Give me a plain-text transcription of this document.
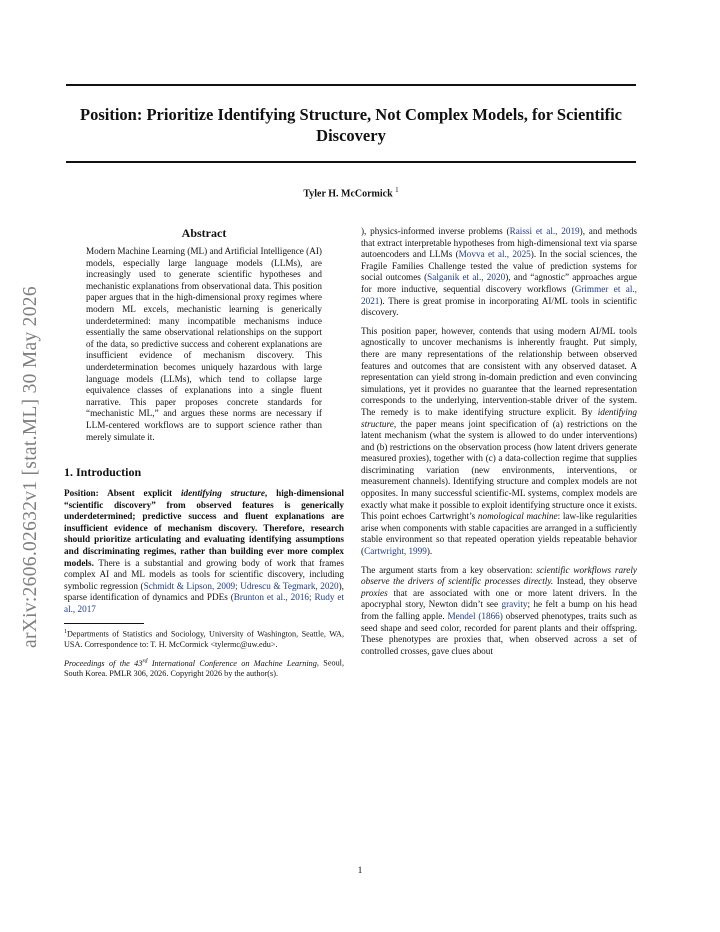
Position: Prioritize Identifying Structure, Not Complex Models, for Scientific Discovery
Tyler H. McCormick $^1$
arXiv:2606.02632v1 [stat.ML] 30 May 2026
Abstract
Modern Machine Learning (ML) and Artificial Intelligence (AI) models, especially large language models (LLMs), are increasingly used to generate scientific hypotheses and mechanistic explanations from observational data. This position paper argues that in the high-dimensional proxy regimes where modern ML excels, mechanistic learning is generically underdetermined: many incompatible mechanisms induce essentially the same observational relationships on the support of the data, so predictive success and coherent explanations are insufficient evidence of mechanism discovery. This underdetermination becomes uniquely hazardous with large language models (LLMs), which tend to collapse large equivalence classes of explanations into a single fluent narrative. This paper proposes concrete standards for “mechanistic ML,” and argues these norms are necessary if LLM-centered workflows are to support science rather than merely simulate it.
1. Introduction

Position: Absent explicit identifying structure, high-dimensional “scientific discovery” from observed features is generically underdetermined; predictive success and fluent explanations are insufficient evidence of mechanism discovery. Therefore, research should prioritize articulating and evaluating identifying assumptions and discriminating regimes, rather than building ever more complex models. There is a substantial and growing body of work that frames complex AI and ML models as tools for scientific discovery, including symbolic regression (Schmidt & Lipson, 2009; Udrescu & Tegmark, 2020), sparse identification of dynamics and PDEs (Brunton et al., 2016; Rudy et al., 2017

$^1$Departments of Statistics and Sociology, University of Washington, Seattle, WA, USA. Correspondence to: T. H. McCormick <tylermc@uw.edu>.

Proceedings of the 43rd International Conference on Machine Learning, Seoul, South Korea. PMLR 306, 2026. Copyright 2026 by the author(s).

), physics-informed inverse problems (Raissi et al., 2019), and methods that extract interpretable hypotheses from high-dimensional text via sparse autoencoders and LLMs (Movva et al., 2025). In the social sciences, the Fragile Families Challenge tested the value of prediction systems for social outcomes (Salganik et al., 2020), and “agnostic” approaches argue for more inductive, sequential discovery workflows (Grimmer et al., 2021). There is great promise in incorporating AI/ML tools in scientific discovery.

This position paper, however, contends that using modern AI/ML tools agnostically to uncover mechanisms is inherently fraught. Put simply, there are many representations of the relationship between observed features and outcomes that are consistent with any observed dataset. A representation can yield strong in-domain prediction and even convincing simulations, yet it provides no guarantee that the learned representation corresponds to the underlying, intervention-stable driver of the system. The remedy is to make identifying structure explicit. By identifying structure, the paper means joint specification of (a) restrictions on the latent mechanism (what the system is allowed to do under interventions) and (b) restrictions on the observation process (how latent drivers generate measured proxies), together with (c) a data-collection regime that supplies discriminating variation (new environments, interventions, or measurement channels). Identifying structure and complex models are not opposites. In many successful scientific-ML systems, complex models are exactly what make it possible to exploit identifying structure once it exists. This point echoes Cartwright’s nomological machine: law-like regularities arise when components with stable capacities are arranged in a sufficiently stable environment so that repeated operation yields repeatable behavior (Cartwright, 1999).

The argument starts from a key observation: scientific workflows rarely observe the drivers of scientific processes directly. Instead, they observe proxies that are associated with one or more latent drivers. In the apocryphal story, Newton didn’t see gravity; he felt a bump on his head from the falling apple. Mendel (1866) observed phenotypes, traits such as seed shape and seed color, recorded for parent plants and their offspring. These phenotypes are proxies that, when observed across a set of controlled crosses, gave clues about

1
